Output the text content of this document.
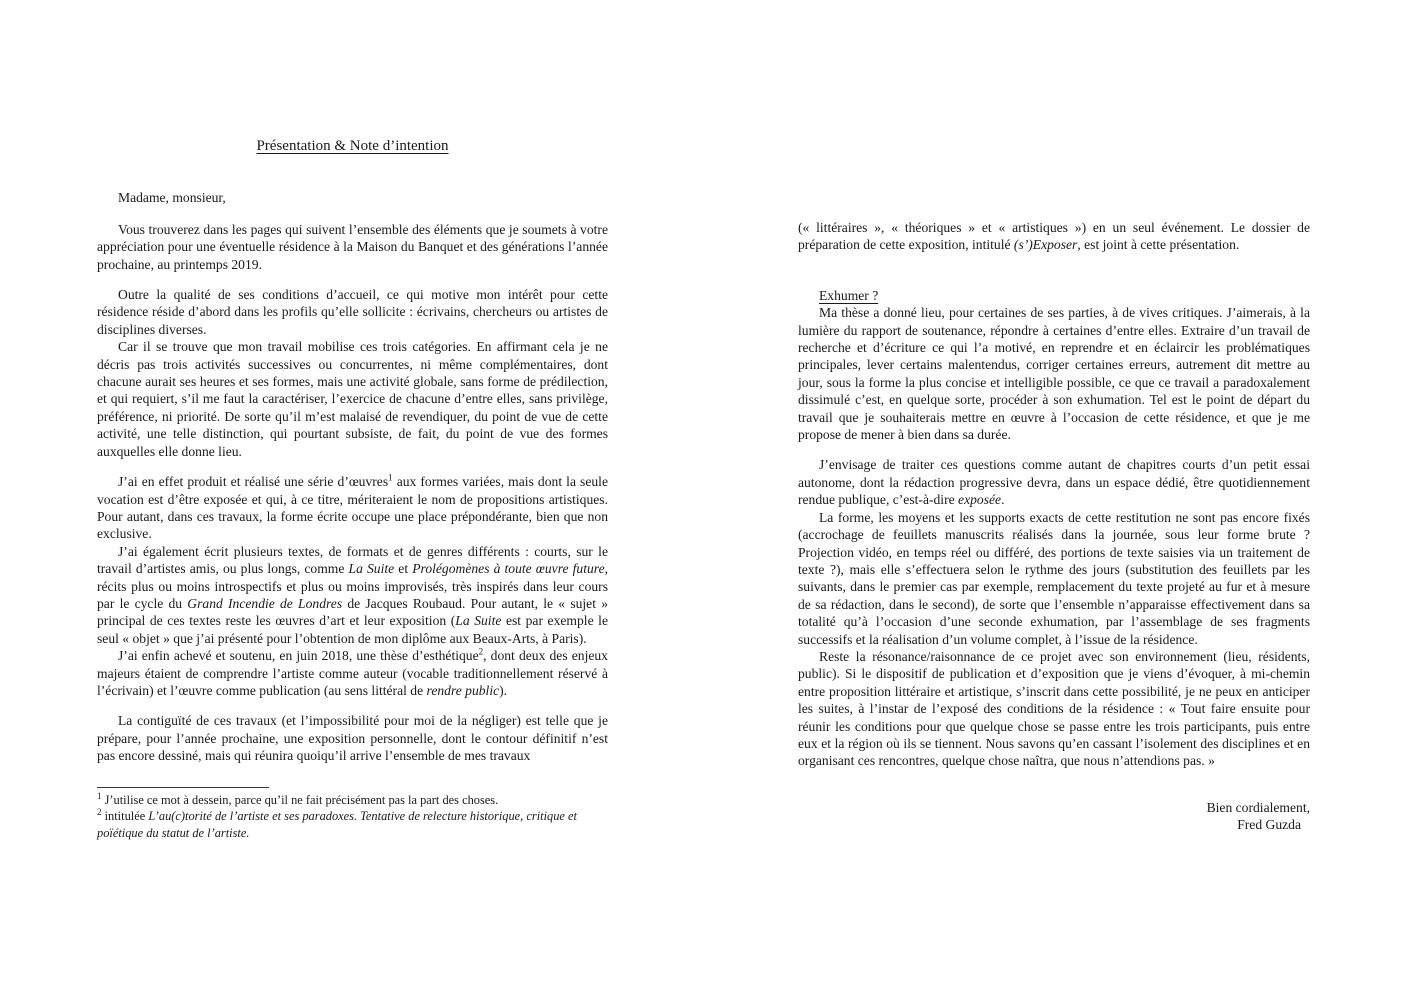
Présentation & Note d’intention

Madame, monsieur,

Vous trouverez dans les pages qui suivent l’ensemble des éléments que je soumets à votre appréciation pour une éventuelle résidence à la Maison du Banquet et des générations l’année prochaine, au printemps 2019.

Outre la qualité de ses conditions d’accueil, ce qui motive mon intérêt pour cette résidence réside d’abord dans les profils qu’elle sollicite : écrivains, chercheurs ou artistes de disciplines diverses.

Car il se trouve que mon travail mobilise ces trois catégories. En affirmant cela je ne décris pas trois activités successives ou concurrentes, ni même complémentaires, dont chacune aurait ses heures et ses formes, mais une activité globale, sans forme de prédilection, et qui requiert, s’il me faut la caractériser, l’exercice de chacune d’entre elles, sans privilège, préférence, ni priorité. De sorte qu’il m’est malaisé de revendiquer, du point de vue de cette activité, une telle distinction, qui pourtant subsiste, de fait, du point de vue des formes auxquelles elle donne lieu.

J’ai en effet produit et réalisé une série d’œuvres$^1$ aux formes variées, mais dont la seule vocation est d’être exposée et qui, à ce titre, mériteraient le nom de propositions artistiques. Pour autant, dans ces travaux, la forme écrite occupe une place prépondérante, bien que non exclusive.

J’ai également écrit plusieurs textes, de formats et de genres différents : courts, sur le travail d’artistes amis, ou plus longs, comme La Suite et Prolégomènes à toute œuvre future, récits plus ou moins introspectifs et plus ou moins improvisés, très inspirés dans leur cours par le cycle du Grand Incendie de Londres de Jacques Roubaud. Pour autant, le « sujet » principal de ces textes reste les œuvres d’art et leur exposition (La Suite est par exemple le seul « objet » que j’ai présenté pour l’obtention de mon diplôme aux Beaux-Arts, à Paris).

J’ai enfin achevé et soutenu, en juin 2018, une thèse d’esthétique$^2$, dont deux des enjeux majeurs étaient de comprendre l’artiste comme auteur (vocable traditionnellement réservé à l’écrivain) et l’œuvre comme publication (au sens littéral de rendre public).

La contiguïté de ces travaux (et l’impossibilité pour moi de la négliger) est telle que je prépare, pour l’année prochaine, une exposition personnelle, dont le contour définitif n’est pas encore dessiné, mais qui réunira quoiqu’il arrive l’ensemble de mes travaux

$^1$ J’utilise ce mot à dessein, parce qu’il ne fait précisément pas la part des choses.

$^2$ intitulée L’au(c)torité de l’artiste et ses paradoxes. Tentative de relecture historique, critique et poïétique du statut de l’artiste.

(« littéraires », « théoriques » et « artistiques ») en un seul événement. Le dossier de préparation de cette exposition, intitulé (s’)Exposer, est joint à cette présentation.

Exhumer ?

Ma thèse a donné lieu, pour certaines de ses parties, à de vives critiques. J’aimerais, à la lumière du rapport de soutenance, répondre à certaines d’entre elles. Extraire d’un travail de recherche et d’écriture ce qui l’a motivé, en reprendre et en éclaircir les problématiques principales, lever certains malentendus, corriger certaines erreurs, autrement dit mettre au jour, sous la forme la plus concise et intelligible possible, ce que ce travail a paradoxalement dissimulé c’est, en quelque sorte, procéder à son exhumation. Tel est le point de départ du travail que je souhaiterais mettre en œuvre à l’occasion de cette résidence, et que je me propose de mener à bien dans sa durée.

J’envisage de traiter ces questions comme autant de chapitres courts d’un petit essai autonome, dont la rédaction progressive devra, dans un espace dédié, être quotidiennement rendue publique, c’est-à-dire exposée.

La forme, les moyens et les supports exacts de cette restitution ne sont pas encore fixés (accrochage de feuillets manuscrits réalisés dans la journée, sous leur forme brute ? Projection vidéo, en temps réel ou différé, des portions de texte saisies via un traitement de texte ?), mais elle s’effectuera selon le rythme des jours (substitution des feuillets par les suivants, dans le premier cas par exemple, remplacement du texte projeté au fur et à mesure de sa rédaction, dans le second), de sorte que l’ensemble n’apparaisse effectivement dans sa totalité qu’à l’occasion d’une seconde exhumation, par l’assemblage de ses fragments successifs et la réalisation d’un volume complet, à l’issue de la résidence.

Reste la résonance/raisonnance de ce projet avec son environnement (lieu, résidents, public). Si le dispositif de publication et d’exposition que je viens d’évoquer, à mi-chemin entre proposition littéraire et artistique, s’inscrit dans cette possibilité, je ne peux en anticiper les suites, à l’instar de l’exposé des conditions de la résidence : « Tout faire ensuite pour réunir les conditions pour que quelque chose se passe entre les trois participants, puis entre eux et la région où ils se tiennent. Nous savons qu’en cassant l’isolement des disciplines et en organisant ces rencontres, quelque chose naîtra, que nous n’attendions pas. »

Bien cordialement,

Fred Guzda
